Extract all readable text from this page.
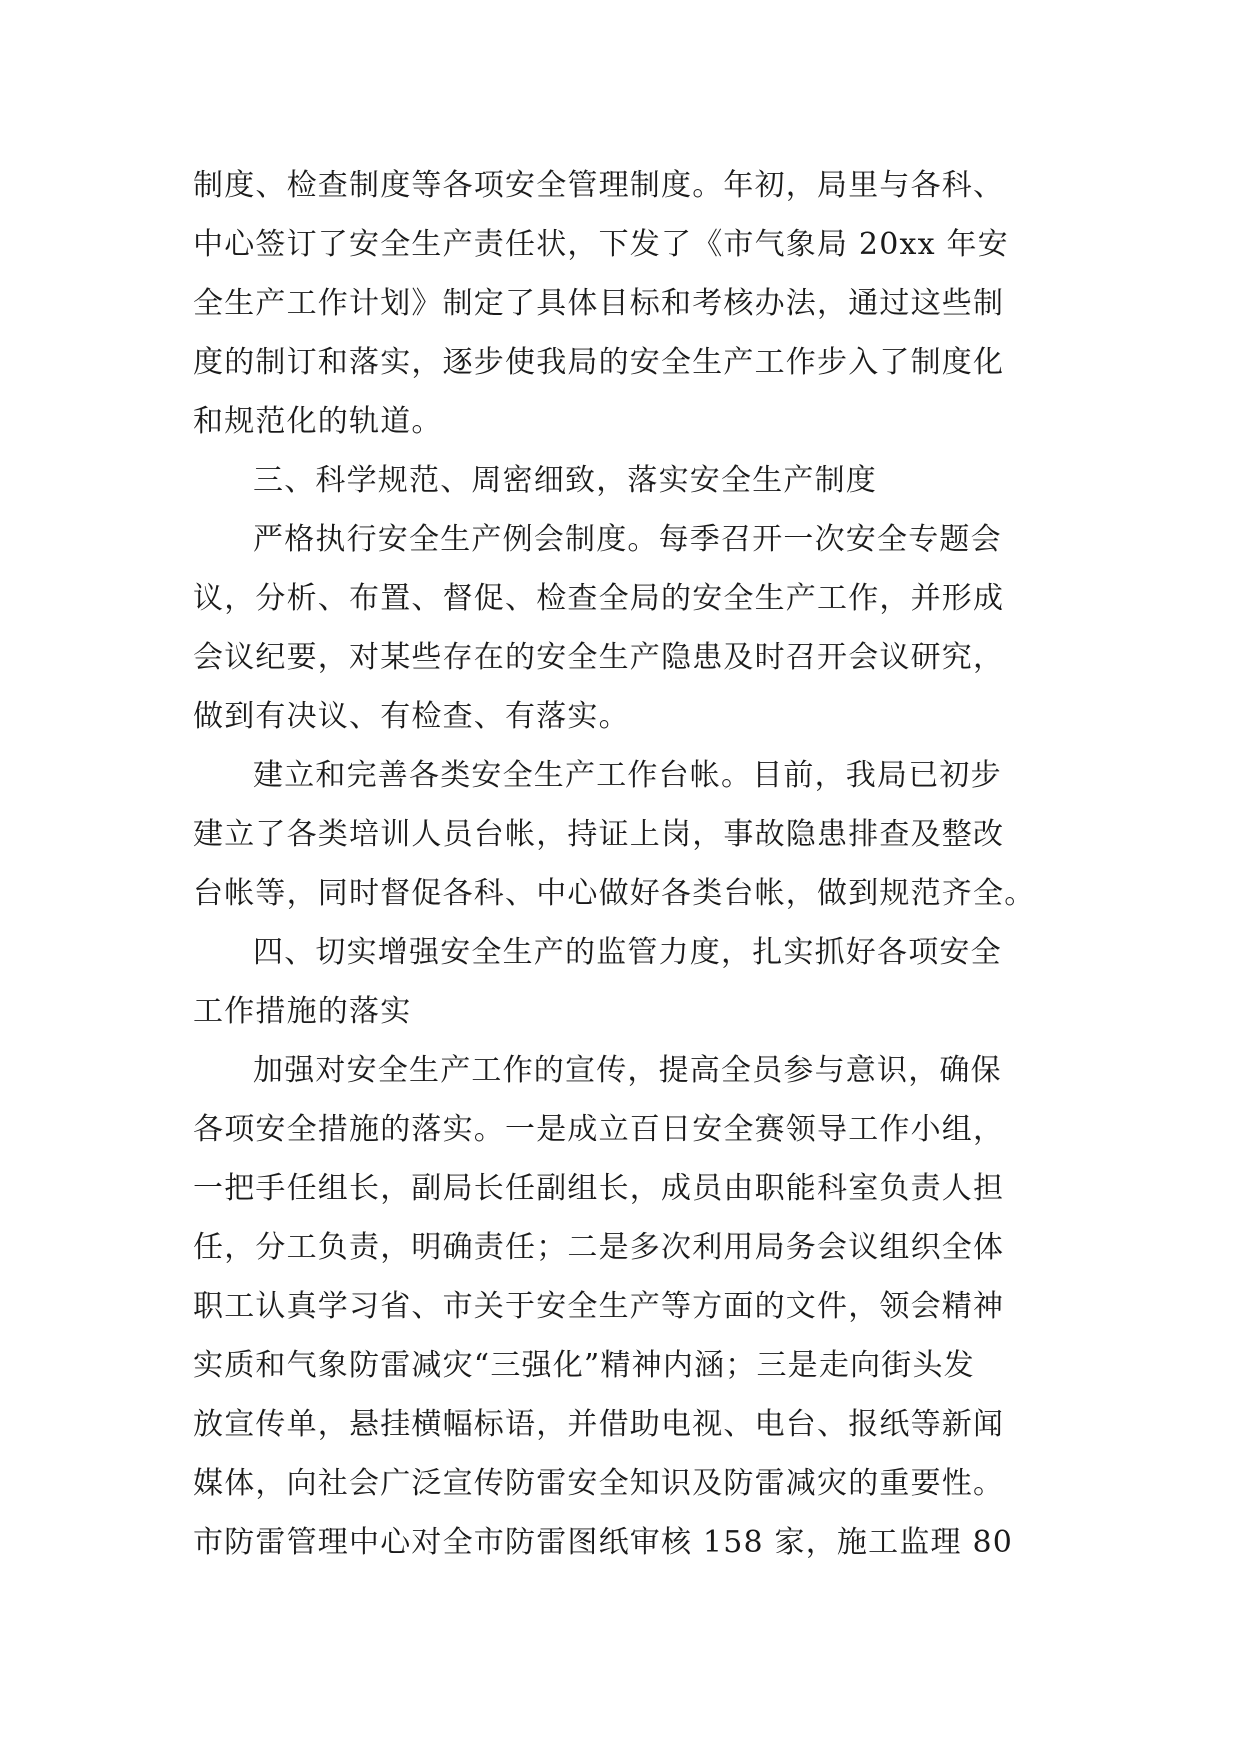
制度、检查制度等各项安全管理制度。年初，局里与各科、
中心签订了安全生产责任状，下发了《市气象局 20xx 年安
全生产工作计划》制定了具体目标和考核办法，通过这些制
度的制订和落实，逐步使我局的安全生产工作步入了制度化
和规范化的轨道。
三、科学规范、周密细致，落实安全生产制度
严格执行安全生产例会制度。每季召开一次安全专题会
议，分析、布置、督促、检查全局的安全生产工作，并形成
会议纪要，对某些存在的安全生产隐患及时召开会议研究，
做到有决议、有检查、有落实。
建立和完善各类安全生产工作台帐。目前，我局已初步
建立了各类培训人员台帐，持证上岗，事故隐患排查及整改
台帐等，同时督促各科、中心做好各类台帐，做到规范齐全。
四、切实增强安全生产的监管力度，扎实抓好各项安全
工作措施的落实
加强对安全生产工作的宣传，提高全员参与意识，确保
各项安全措施的落实。一是成立百日安全赛领导工作小组，
一把手任组长，副局长任副组长，成员由职能科室负责人担
任，分工负责，明确责任；二是多次利用局务会议组织全体
职工认真学习省、市关于安全生产等方面的文件，领会精神
实质和气象防雷减灾“三强化”精神内涵；三是走向街头发
放宣传单，悬挂横幅标语，并借助电视、电台、报纸等新闻
媒体，向社会广泛宣传防雷安全知识及防雷减灾的重要性。
市防雷管理中心对全市防雷图纸审核 158 家，施工监理 80
